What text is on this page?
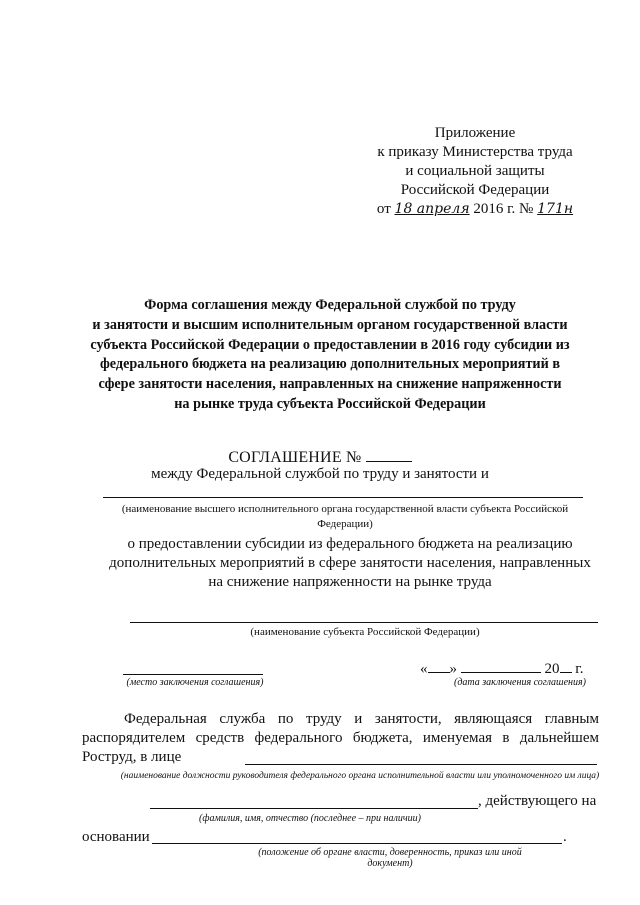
Приложение
к приказу Министерства труда
и социальной защиты
Российской Федерации
от 18 апреля 2016 г. № 171н
Форма соглашения между Федеральной службой по труду
и занятости и высшим исполнительным органом государственной власти
субъекта Российской Федерации о предоставлении в 2016 году субсидии из
федерального бюджета на реализацию дополнительных мероприятий в
сфере занятости населения, направленных на снижение напряженности
на рынке труда субъекта Российской Федерации
СОГЛАШЕНИЕ №
между Федеральной службой по труду и занятости и
(наименование высшего исполнительного органа государственной власти субъекта Российской Федерации)
о предоставлении субсидии из федерального бюджета на реализацию дополнительных мероприятий в сфере занятости населения, направленных на снижение напряженности на рынке труда
(наименование субъекта Российской Федерации)
(место заключения соглашения)
« »	20 г.
(дата заключения соглашения)
Федеральная служба по труду и занятости, являющаяся главным распорядителем средств федерального бюджета, именуемая в дальнейшем Роструд, в лице
(наименование должности руководителя федерального органа исполнительной власти или уполномоченного им лица)
, действующего на
(фамилия, имя, отчество (последнее – при наличии)
основании	.
(положение об органе власти, доверенность, приказ или иной документ)
